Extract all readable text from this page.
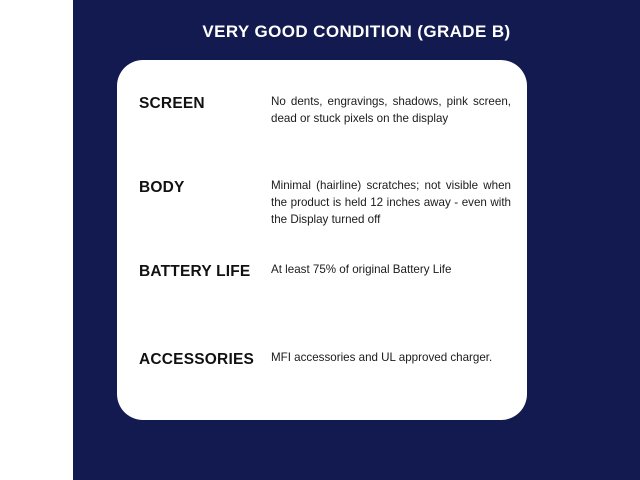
VERY GOOD CONDITION (GRADE B)
SCREEN	No dents, engravings, shadows, pink screen, dead or stuck pixels on the display
BODY	Minimal (hairline) scratches; not visible when the product is held 12 inches away - even with the Display turned off
BATTERY LIFE	At least 75% of original Battery Life
ACCESSORIES	MFI accessories and UL approved charger.
